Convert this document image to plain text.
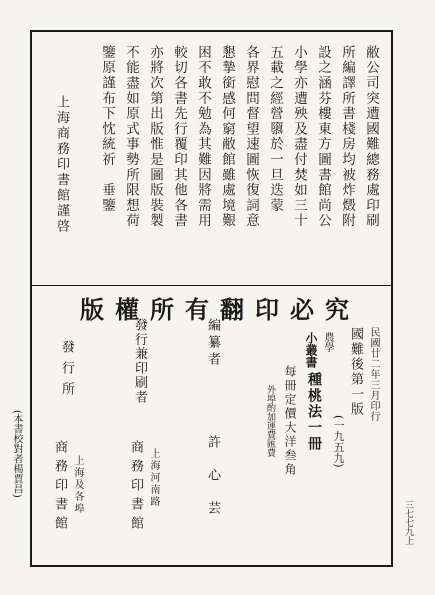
敝公司突遭國難總務處印刷
所編譯所書棧房均被炸燬附
設之涵芬樓東方圖書館尚公
小學亦遭殃及盡付焚如三十
五載之經營隳於一旦迭蒙
各界慰問督望速圖恢復詞意
懇摯銜感何窮敝館雖處境艱
困不敢不勉為其難因將需用
較切各書先行覆印其他各書
亦將次第出版惟是圖版裝製
不能盡如原式事勢所限想荷
鑒原謹布下忱統祈　垂鑒
上海商務印書館謹啓
版權所有翻印必究
民國廿二年三月印行
國難後第一版
農學
小叢書
種桃法一冊 (一九五九)
每冊定價大洋叁角
外埠酌加運費匯費
編纂者
許心芸
發行兼印刷者
上海河南路
商務印書館
發行所
上海及各埠
商務印書館
(本書校對者楊賈昌)
三七七九上
